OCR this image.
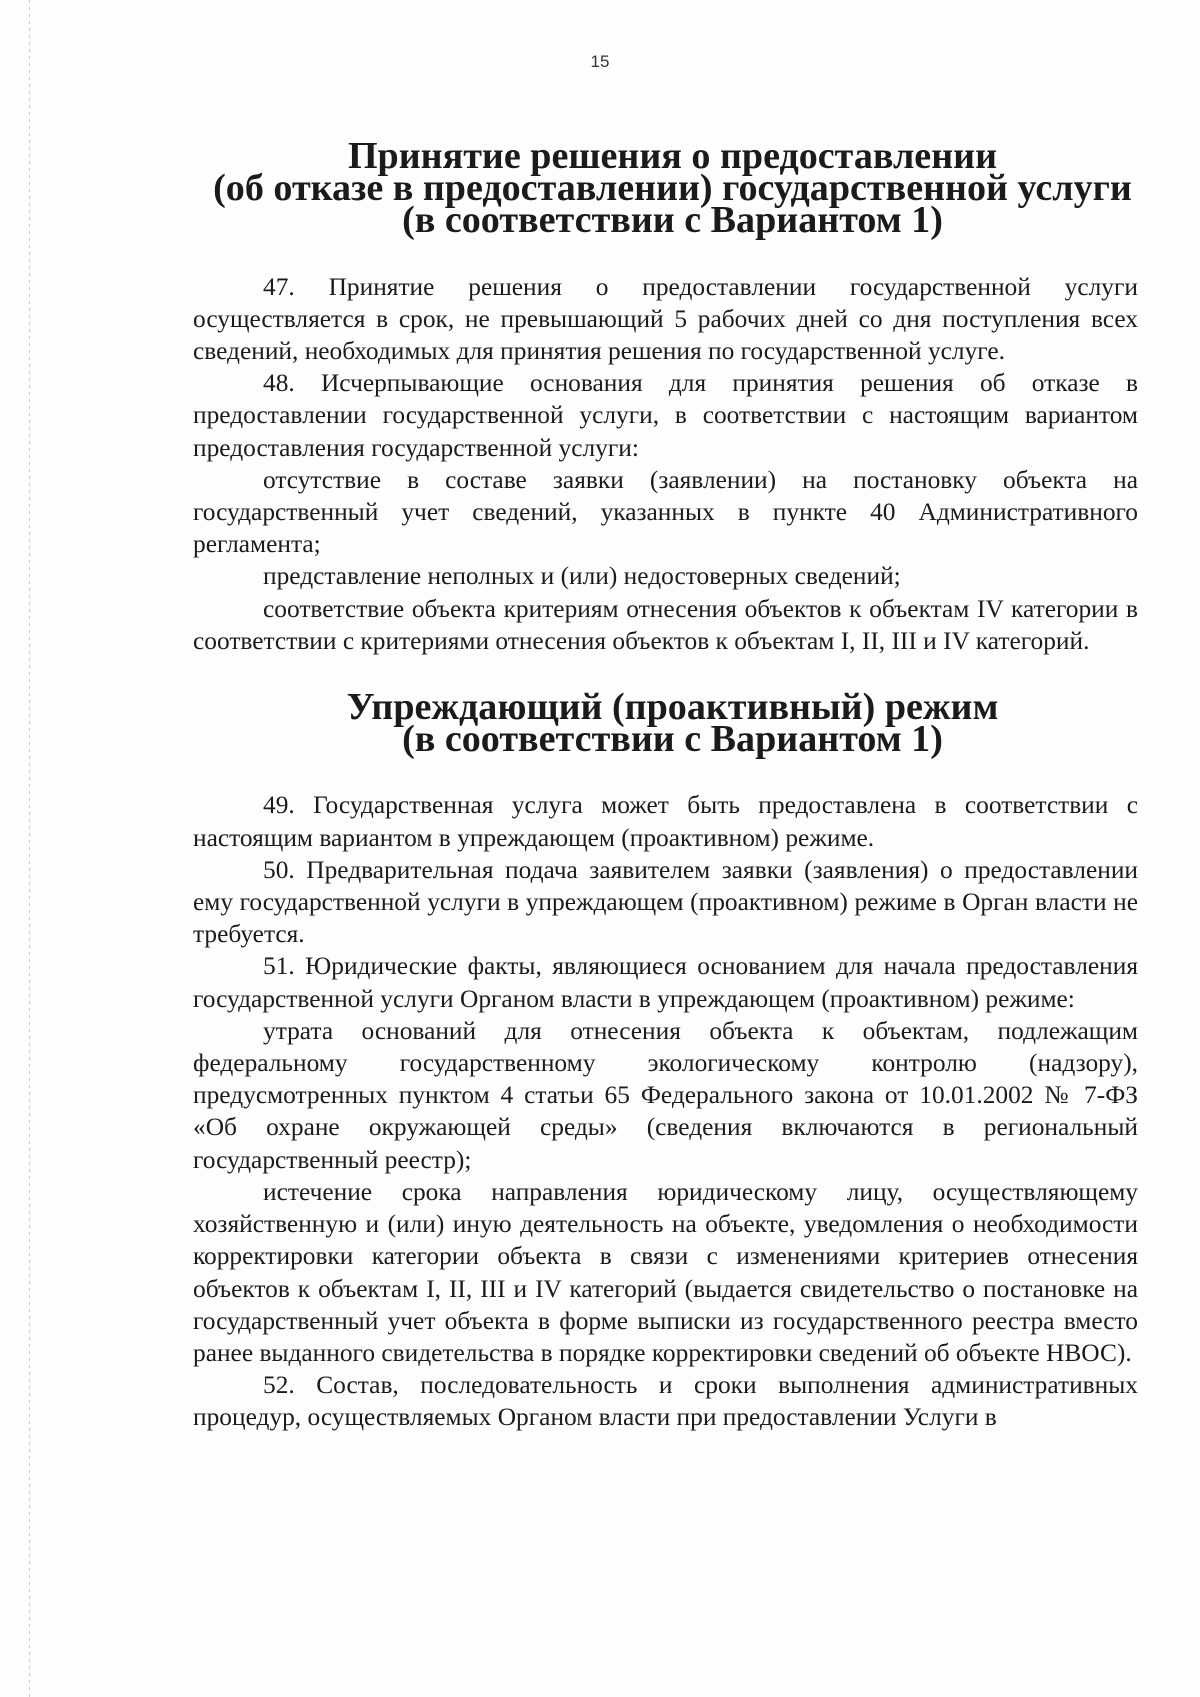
15
Принятие решения о предоставлении
(об отказе в предоставлении) государственной услуги
(в соответствии с Вариантом 1)

47. Принятие решения о предоставлении государственной услуги осуществляется в срок, не превышающий 5 рабочих дней со дня поступления всех сведений, необходимых для принятия решения по государственной услуге.

48. Исчерпывающие основания для принятия решения об отказе в предоставлении государственной услуги, в соответствии с настоящим вариантом предоставления государственной услуги:

отсутствие в составе заявки (заявлении) на постановку объекта на государственный учет сведений, указанных в пункте 40 Административного регламента;

представление неполных и (или) недостоверных сведений;

соответствие объекта критериям отнесения объектов к объектам IV категории в соответствии с критериями отнесения объектов к объектам I, II, III и IV категорий.

Упреждающий (проактивный) режим
(в соответствии с Вариантом 1)

49. Государственная услуга может быть предоставлена в соответствии с настоящим вариантом в упреждающем (проактивном) режиме.

50. Предварительная подача заявителем заявки (заявления) о предоставлении ему государственной услуги в упреждающем (проактивном) режиме в Орган власти не требуется.

51. Юридические факты, являющиеся основанием для начала предоставления государственной услуги Органом власти в упреждающем (проактивном) режиме:

утрата оснований для отнесения объекта к объектам, подлежащим федеральному государственному экологическому контролю (надзору), предусмотренных пунктом 4 статьи 65 Федерального закона от 10.01.2002 № 7-ФЗ «Об охране окружающей среды» (сведения включаются в региональный государственный реестр);

истечение срока направления юридическому лицу, осуществляющему хозяйственную и (или) иную деятельность на объекте, уведомления о необходимости корректировки категории объекта в связи с изменениями критериев отнесения объектов к объектам I, II, III и IV категорий (выдается свидетельство о постановке на государственный учет объекта в форме выписки из государственного реестра вместо ранее выданного свидетельства в порядке корректировки сведений об объекте НВОС).

52. Состав, последовательность и сроки выполнения административных процедур, осуществляемых Органом власти при предоставлении Услуги в
